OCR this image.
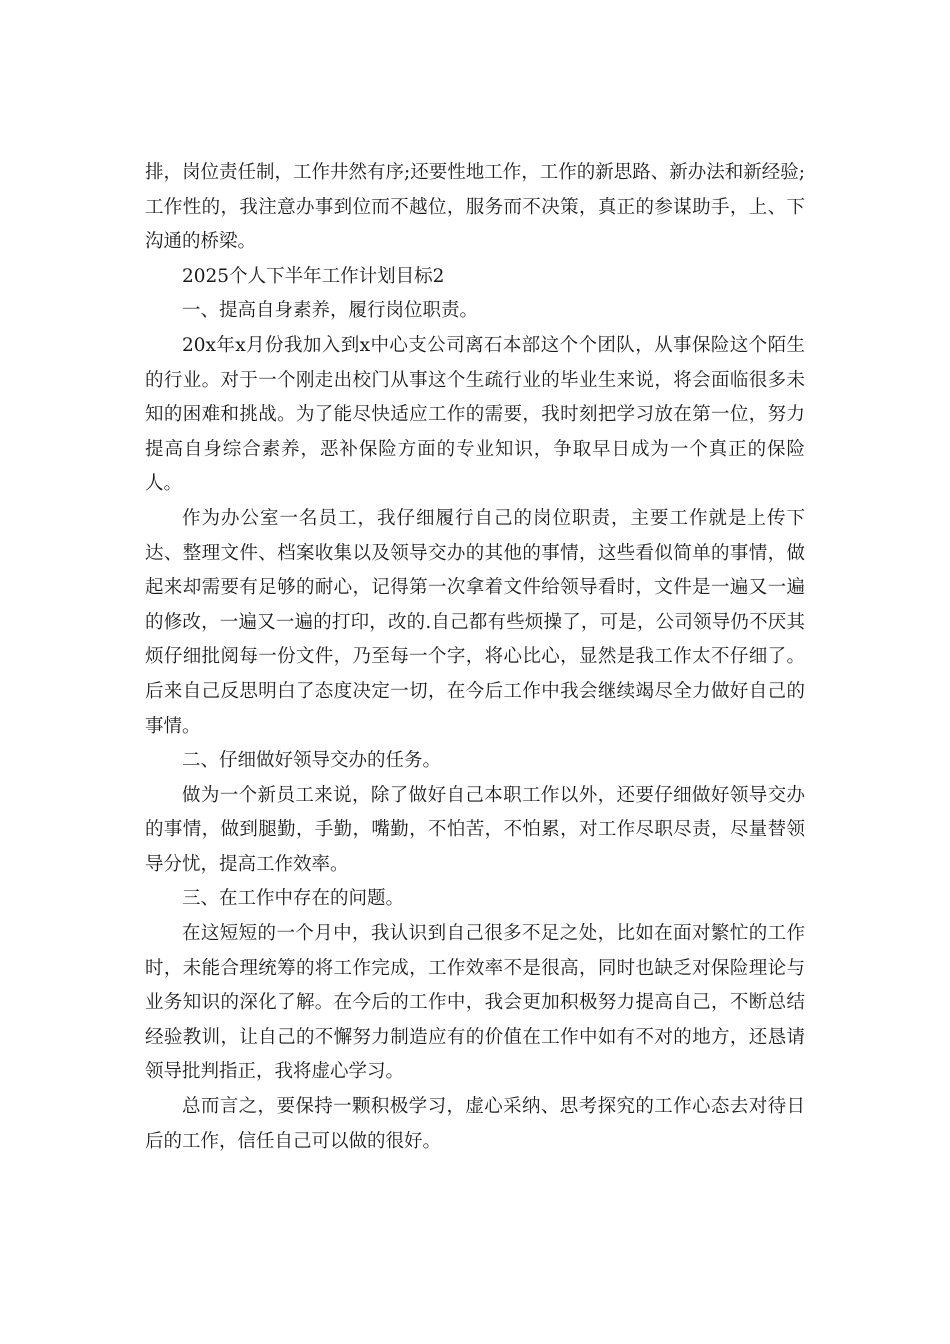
排，岗位责任制，工作井然有序;还要性地工作，工作的新思路、新办法和新经验;工作性的，我注意办事到位而不越位，服务而不决策，真正的参谋助手，上、下沟通的桥梁。

2025个人下半年工作计划目标2

一、提高自身素养，履行岗位职责。

20x年x月份我加入到x中心支公司离石本部这个个团队，从事保险这个陌生的行业。对于一个刚走出校门从事这个生疏行业的毕业生来说，将会面临很多未知的困难和挑战。为了能尽快适应工作的需要，我时刻把学习放在第一位，努力提高自身综合素养，恶补保险方面的专业知识，争取早日成为一个真正的保险人。

作为办公室一名员工，我仔细履行自己的岗位职责，主要工作就是上传下达、整理文件、档案收集以及领导交办的其他的事情，这些看似简单的事情，做起来却需要有足够的耐心，记得第一次拿着文件给领导看时，文件是一遍又一遍的修改，一遍又一遍的打印，改的.自己都有些烦操了，可是，公司领导仍不厌其烦仔细批阅每一份文件，乃至每一个字，将心比心，显然是我工作太不仔细了。后来自己反思明白了态度决定一切，在今后工作中我会继续竭尽全力做好自己的事情。

二、仔细做好领导交办的任务。

做为一个新员工来说，除了做好自己本职工作以外，还要仔细做好领导交办的事情，做到腿勤，手勤，嘴勤，不怕苦，不怕累，对工作尽职尽责，尽量替领导分忧，提高工作效率。

三、在工作中存在的问题。

在这短短的一个月中，我认识到自己很多不足之处，比如在面对繁忙的工作时，未能合理统筹的将工作完成，工作效率不是很高，同时也缺乏对保险理论与业务知识的深化了解。在今后的工作中，我会更加积极努力提高自己，不断总结经验教训，让自己的不懈努力制造应有的价值在工作中如有不对的地方，还恳请领导批判指正，我将虚心学习。

总而言之，要保持一颗积极学习，虚心采纳、思考探究的工作心态去对待日后的工作，信任自己可以做的很好。
